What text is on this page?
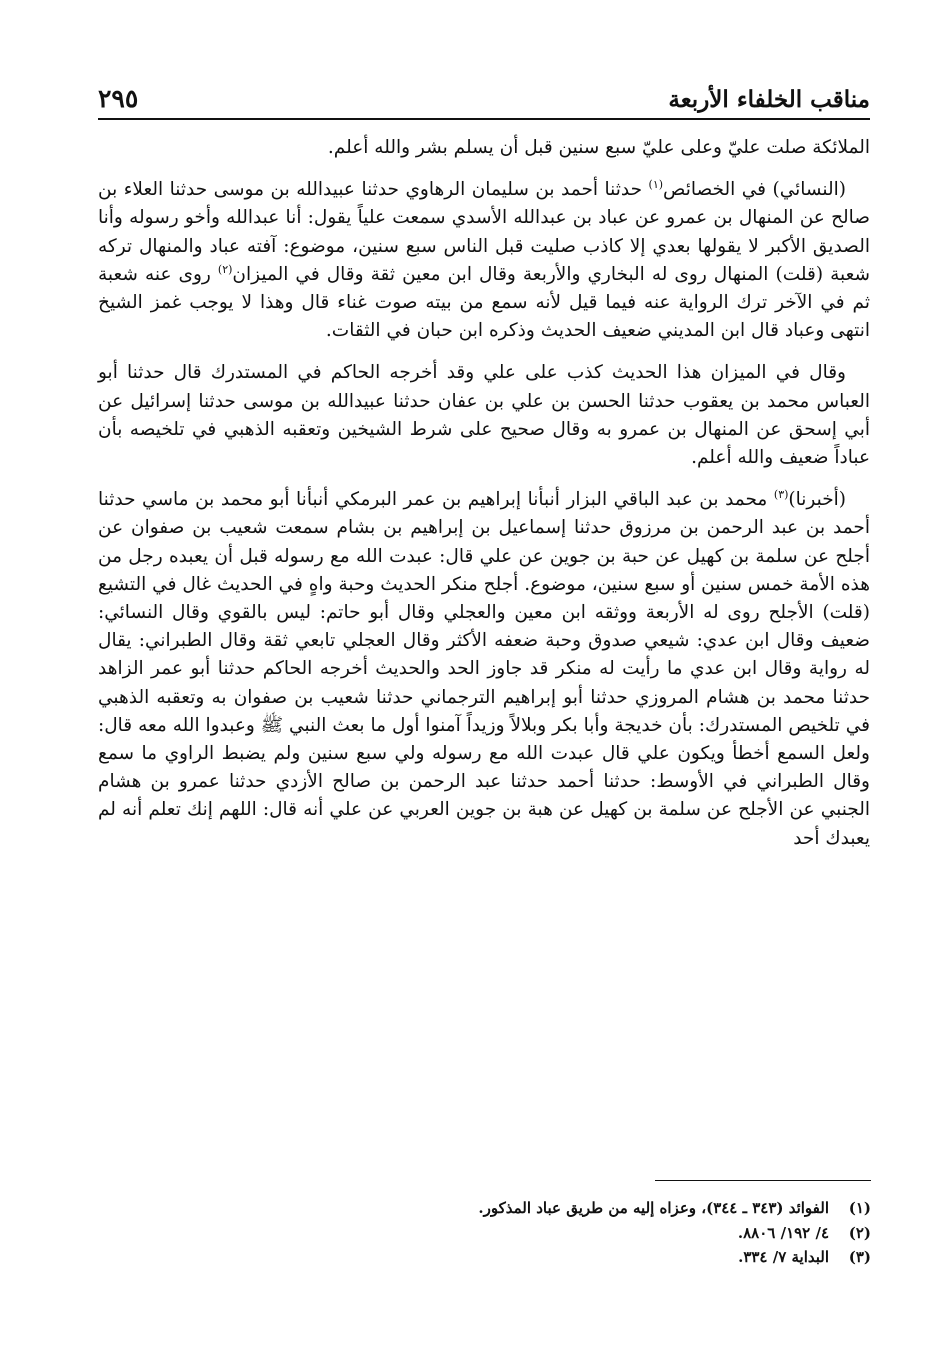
مناقب الخلفاء الأربعة
٢٩٥

الملائكة صلت عليّ وعلى عليّ سبع سنين قبل أن يسلم بشر والله أعلم.

(النسائي) في الخصائص$^{(١)}$ حدثنا أحمد بن سليمان الرهاوي حدثنا عبيدالله بن موسى حدثنا العلاء بن صالح عن المنهال بن عمرو عن عباد بن عبدالله الأسدي سمعت علياً يقول: أنا عبدالله وأخو رسوله وأنا الصديق الأكبر لا يقولها بعدي إلا كاذب صليت قبل الناس سبع سنين، موضوع: آفته عباد والمنهال تركه شعبة (قلت) المنهال روى له البخاري والأربعة وقال ابن معين ثقة وقال في الميزان$^{(٢)}$ روى عنه شعبة ثم في الآخر ترك الرواية عنه فيما قيل لأنه سمع من بيته صوت غناء قال وهذا لا يوجب غمز الشيخ انتهى وعباد قال ابن المديني ضعيف الحديث وذكره ابن حبان في الثقات.

وقال في الميزان هذا الحديث كذب على علي وقد أخرجه الحاكم في المستدرك قال حدثنا أبو العباس محمد بن يعقوب حدثنا الحسن بن علي بن عفان حدثنا عبيدالله بن موسى حدثنا إسرائيل عن أبي إسحق عن المنهال بن عمرو به وقال صحيح على شرط الشيخين وتعقبه الذهبي في تلخيصه بأن عباداً ضعيف والله أعلم.

(أخبرنا)$^{(٣)}$ محمد بن عبد الباقي البزار أنبأنا إبراهيم بن عمر البرمكي أنبأنا أبو محمد بن ماسي حدثنا أحمد بن عبد الرحمن بن مرزوق حدثنا إسماعيل بن إبراهيم بن بشام سمعت شعيب بن صفوان عن أجلح عن سلمة بن كهيل عن حبة بن جوين عن علي قال: عبدت الله مع رسوله قبل أن يعبده رجل من هذه الأمة خمس سنين أو سبع سنين، موضوع. أجلح منكر الحديث وحبة واهٍ في الحديث غال في التشيع (قلت) الأجلح روى له الأربعة ووثقه ابن معين والعجلي وقال أبو حاتم: ليس بالقوي وقال النسائي: ضعيف وقال ابن عدي: شيعي صدوق وحبة ضعفه الأكثر وقال العجلي تابعي ثقة وقال الطبراني: يقال له رواية وقال ابن عدي ما رأيت له منكر قد جاوز الحد والحديث أخرجه الحاكم حدثنا أبو عمر الزاهد حدثنا محمد بن هشام المروزي حدثنا أبو إبراهيم الترجماني حدثنا شعيب بن صفوان به وتعقبه الذهبي في تلخيص المستدرك: بأن خديجة وأبا بكر وبلالاً وزيداً آمنوا أول ما بعث النبي ﷺ وعبدوا الله معه قال: ولعل السمع أخطأ ويكون علي قال عبدت الله مع رسوله ولي سبع سنين ولم يضبط الراوي ما سمع وقال الطبراني في الأوسط: حدثنا أحمد حدثنا عبد الرحمن بن صالح الأزدي حدثنا عمرو بن هشام الجنبي عن الأجلح عن سلمة بن كهيل عن هبة بن جوين العربي عن علي أنه قال: اللهم إنك تعلم أنه لم يعبدك أحد

(١)الفوائد (٣٤٣ ـ ٣٤٤)، وعزاه إليه من طريق عباد المذكور.
(٢)٤/ ١٩٢/ ٨٨٠٦.
(٣)البداية ٧/ ٣٣٤.
